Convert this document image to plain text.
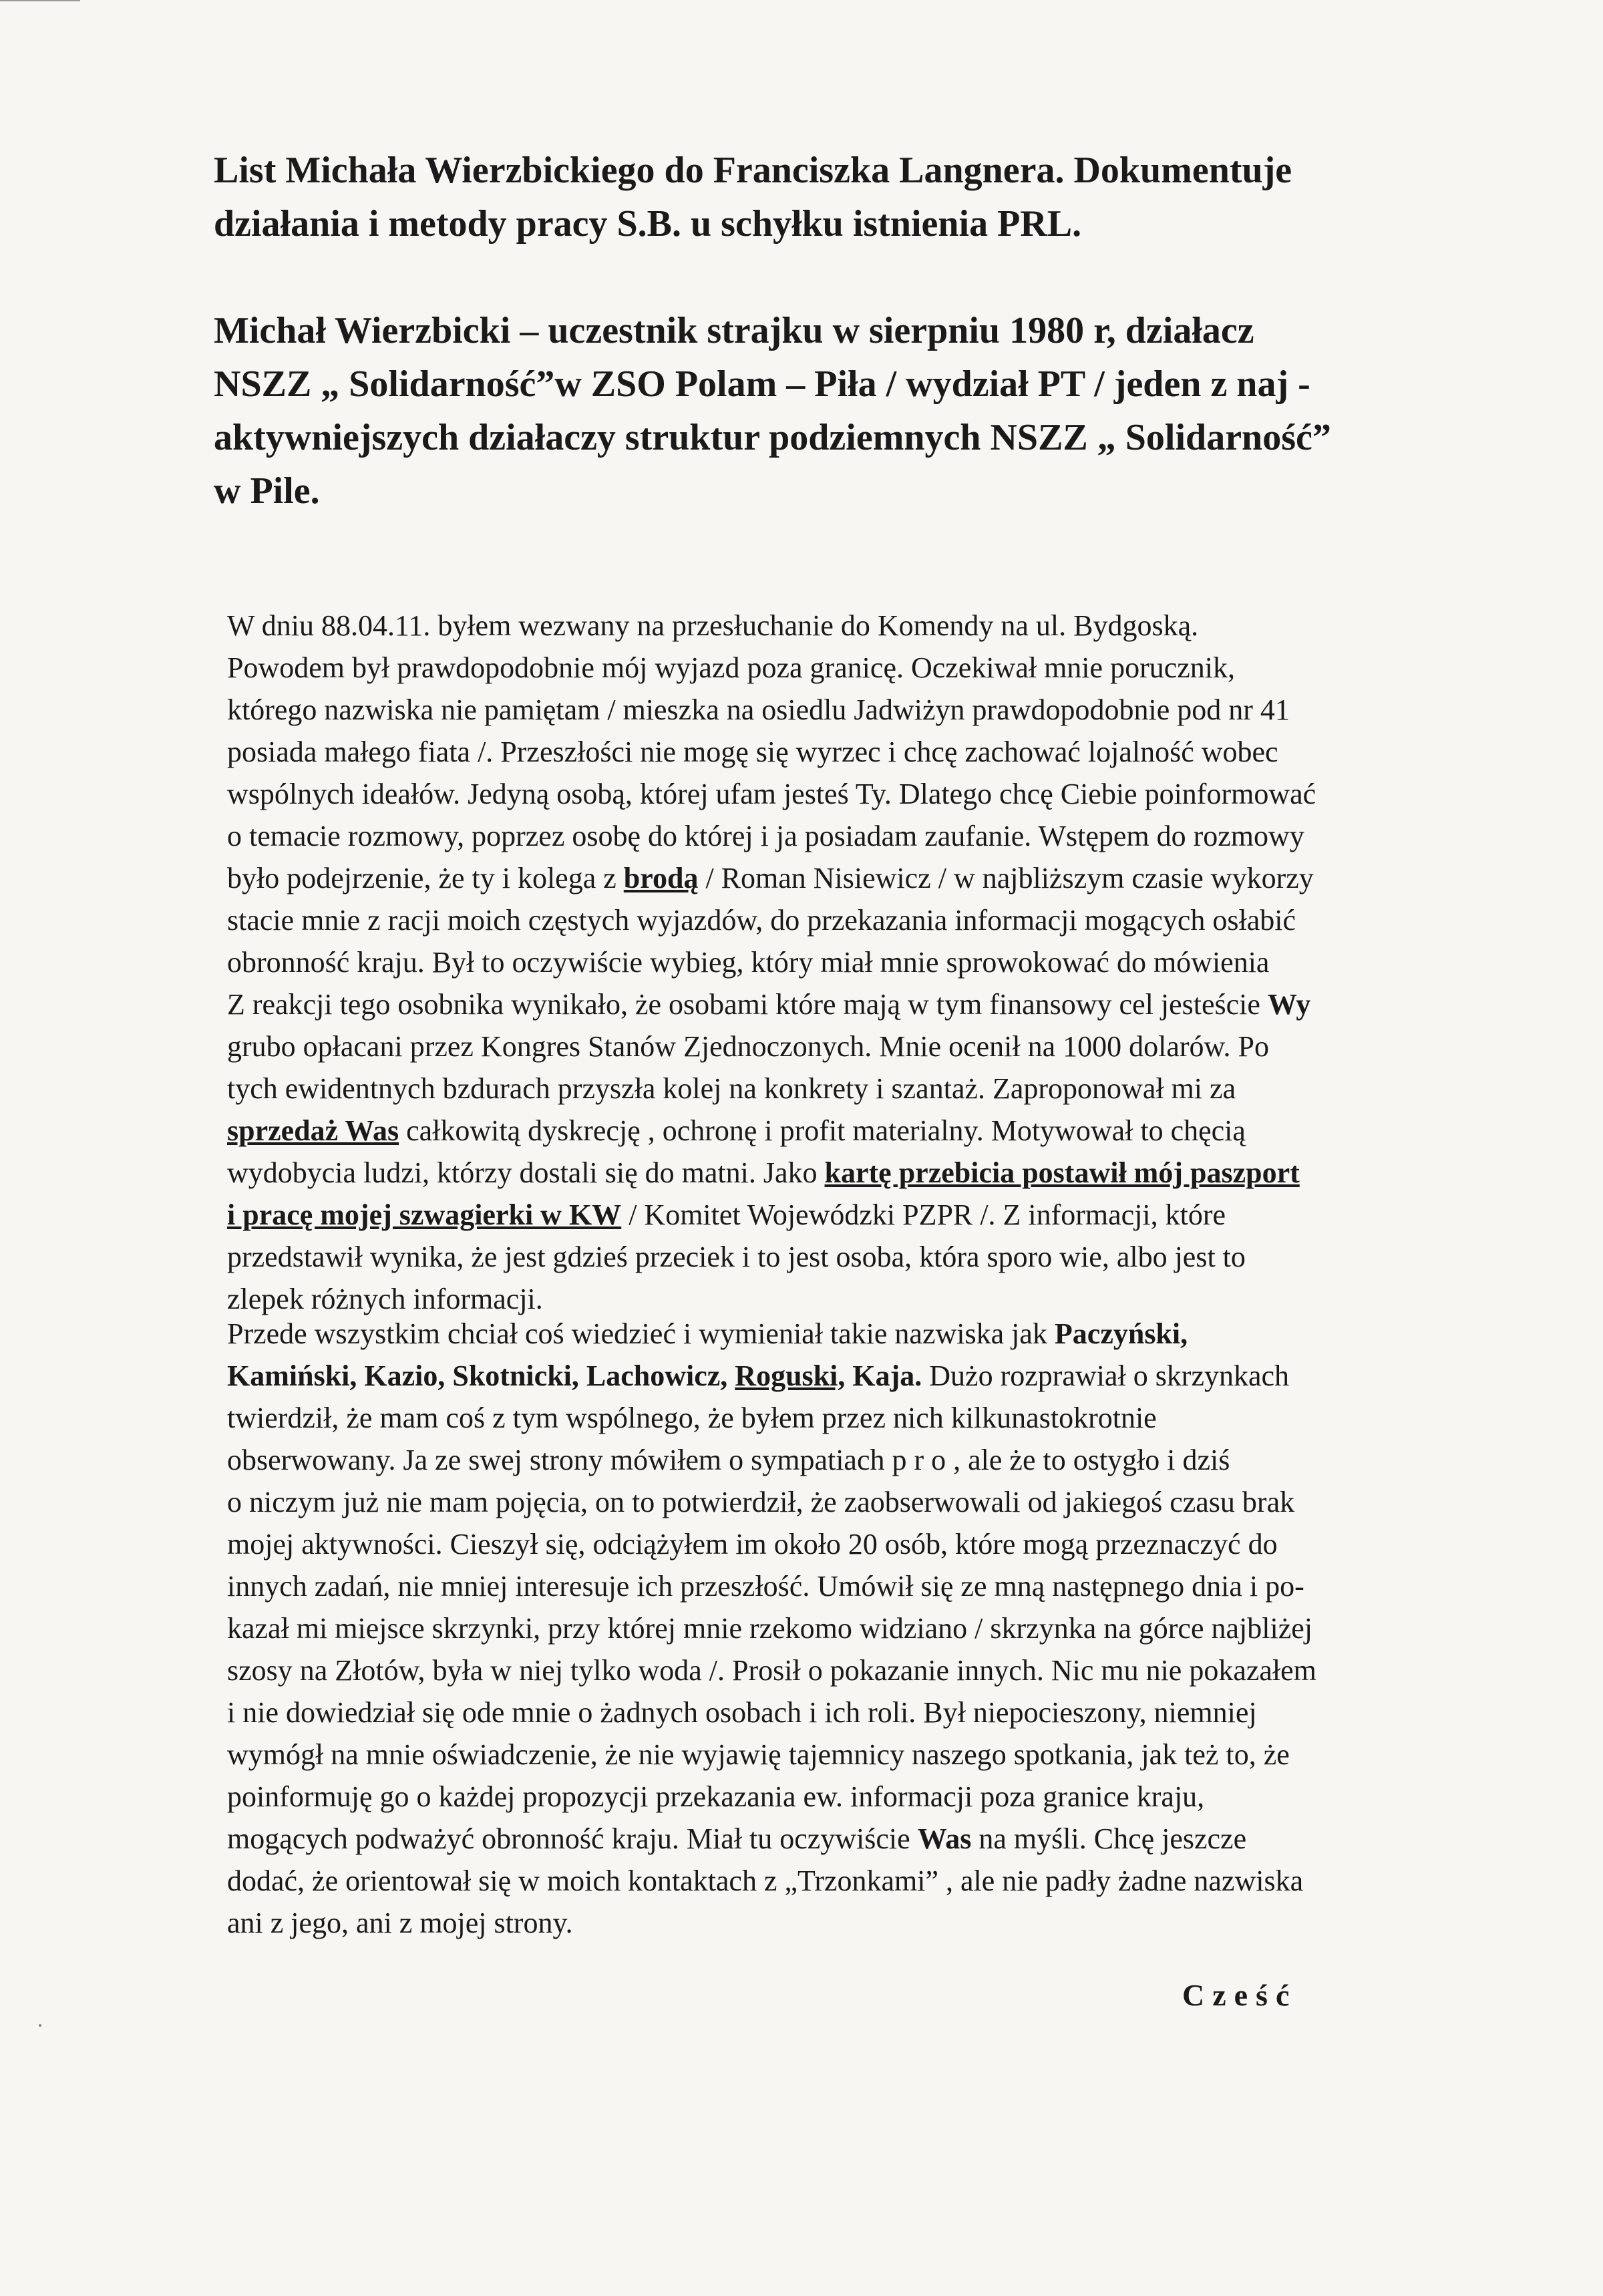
List Michała Wierzbickiego do Franciszka Langnera. Dokumentuje
działania i metody pracy S.B. u schyłku istnienia PRL.
Michał Wierzbicki – uczestnik strajku w sierpniu 1980 r, działacz
NSZZ „ Solidarność”w ZSO Polam – Piła / wydział PT / jeden z naj -
aktywniejszych działaczy struktur podziemnych NSZZ „ Solidarność”
w Pile.
W dniu 88.04.11. byłem wezwany na przesłuchanie do Komendy na ul. Bydgoską.
Powodem był prawdopodobnie mój wyjazd poza granicę. Oczekiwał mnie porucznik,
którego nazwiska nie pamiętam / mieszka na osiedlu Jadwiżyn prawdopodobnie pod nr 41
posiada małego fiata /. Przeszłości nie mogę się wyrzec i chcę zachować lojalność wobec
wspólnych ideałów. Jedyną osobą, której ufam jesteś Ty. Dlatego chcę Ciebie poinformować
o temacie rozmowy, poprzez osobę do której i ja posiadam zaufanie. Wstępem do rozmowy
było podejrzenie, że ty i kolega z brodą / Roman Nisiewicz / w najbliższym czasie wykorzy
stacie mnie z racji moich częstych wyjazdów, do przekazania informacji mogących osłabić
obronność kraju. Był to oczywiście wybieg, który miał mnie sprowokować do mówienia
Z reakcji tego osobnika wynikało, że osobami które mają w tym finansowy cel jesteście Wy
grubo opłacani przez Kongres Stanów Zjednoczonych. Mnie ocenił na 1000 dolarów. Po
tych ewidentnych bzdurach przyszła kolej na konkrety i szantaż. Zaproponował mi za
sprzedaż Was całkowitą dyskrecję , ochronę i profit materialny. Motywował to chęcią
wydobycia ludzi, którzy dostali się do matni. Jako kartę przebicia postawił mój paszport
i pracę mojej szwagierki w KW / Komitet Wojewódzki PZPR /. Z informacji, które
przedstawił wynika, że jest gdzieś przeciek i to jest osoba, która sporo wie, albo jest to
zlepek różnych informacji.
Przede wszystkim chciał coś wiedzieć i wymieniał takie nazwiska jak Paczyński,
Kamiński, Kazio, Skotnicki, Lachowicz, Roguski, Kaja. Dużo rozprawiał o skrzynkach
twierdził, że mam coś z tym wspólnego, że byłem przez nich kilkunastokrotnie
obserwowany. Ja ze swej strony mówiłem o sympatiach p r o , ale że to ostygło i dziś
o niczym już nie mam pojęcia, on to potwierdził, że zaobserwowali od jakiegoś czasu brak
mojej aktywności. Cieszył się, odciążyłem im około 20 osób, które mogą przeznaczyć do
innych zadań, nie mniej interesuje ich przeszłość. Umówił się ze mną następnego dnia i po-
kazał mi miejsce skrzynki, przy której mnie rzekomo widziano / skrzynka na górce najbliżej
szosy na Złotów, była w niej tylko woda /. Prosił o pokazanie innych. Nic mu nie pokazałem
i nie dowiedział się ode mnie o żadnych osobach i ich roli. Był niepocieszony, niemniej
wymógł na mnie oświadczenie, że nie wyjawię tajemnicy naszego spotkania, jak też to, że
poinformuję go o każdej propozycji przekazania ew. informacji poza granice kraju,
mogących podważyć obronność kraju. Miał tu oczywiście Was na myśli. Chcę jeszcze
dodać, że orientował się w moich kontaktach z „Trzonkami” , ale nie padły żadne nazwiska
ani z jego, ani z mojej strony.
Cześć
